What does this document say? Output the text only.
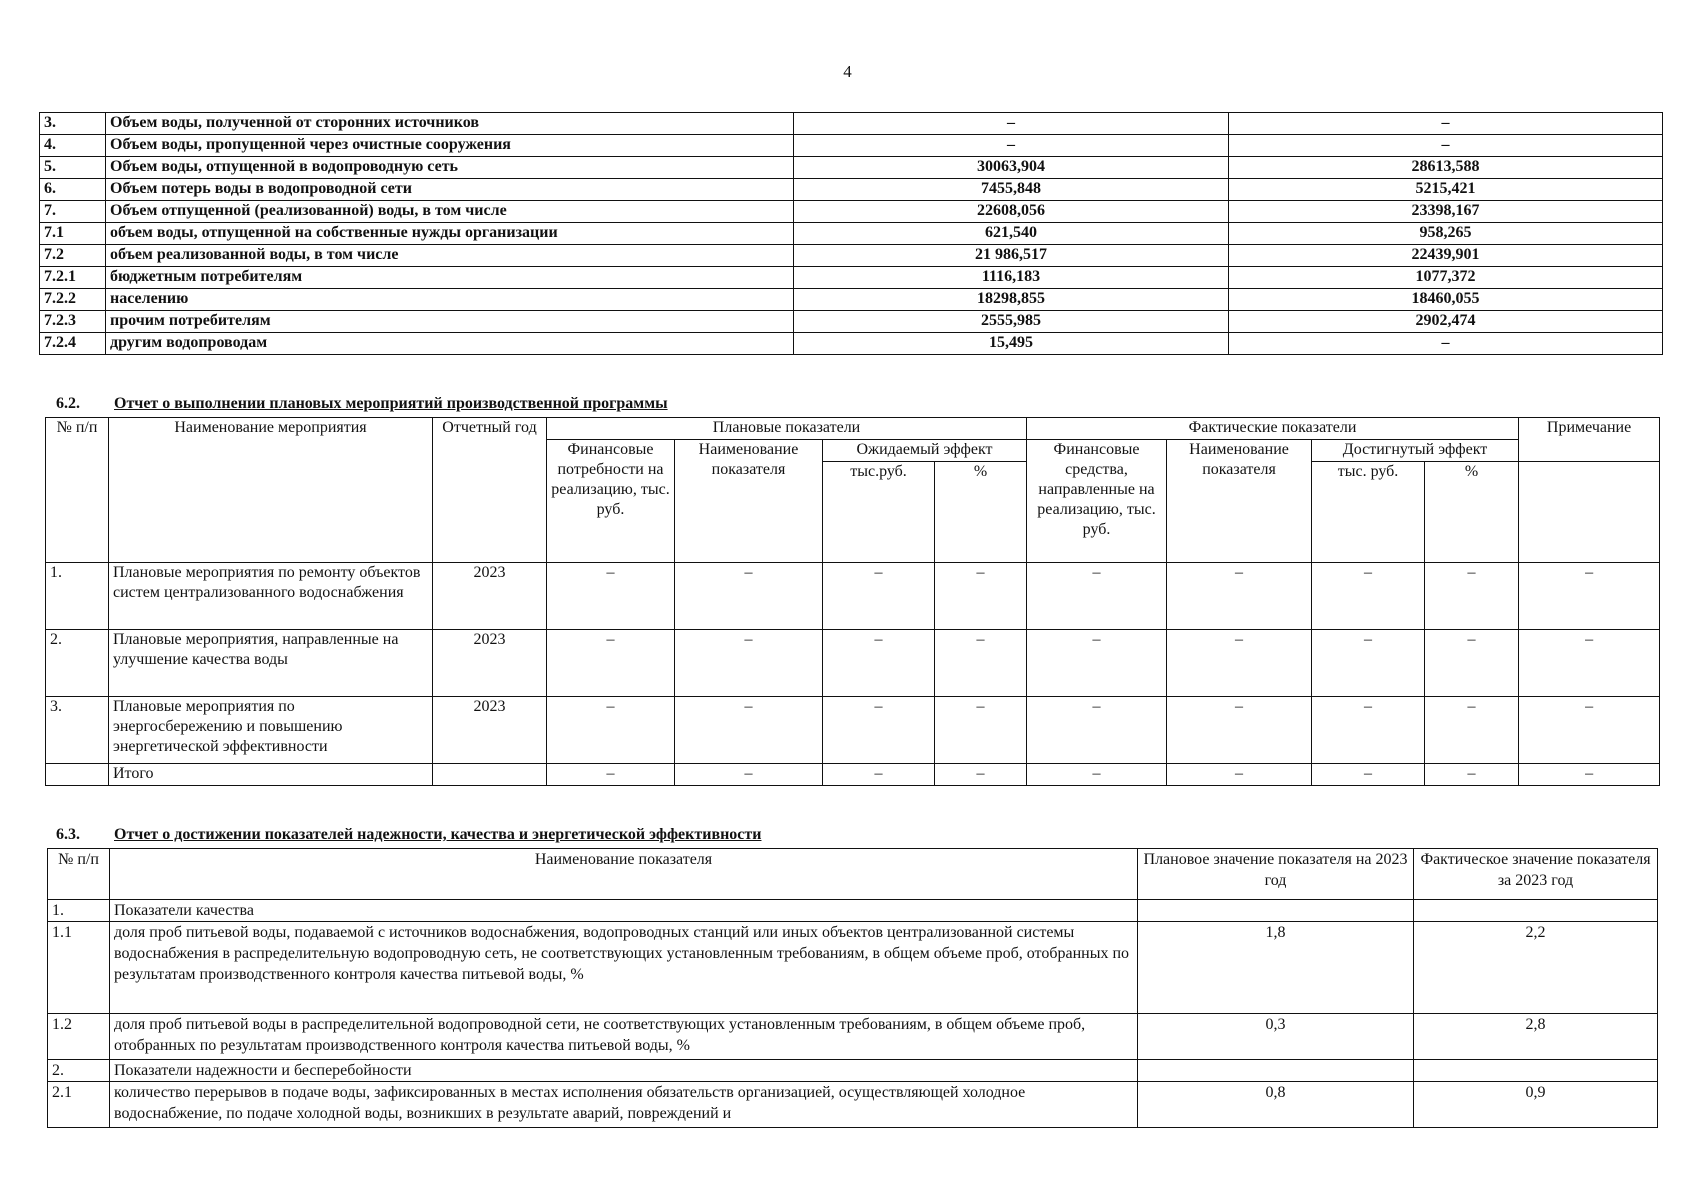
4
3.	Объем воды, полученной от сторонних источников	–	–
4.	Объем воды, пропущенной через очистные сооружения	–	–
5.	Объем воды, отпущенной в водопроводную сеть	30063,904	28613,588
6.	Объем потерь воды в водопроводной сети	7455,848	5215,421
7.	Объем отпущенной (реализованной) воды, в том числе	22608,056	23398,167
7.1	объем воды, отпущенной на собственные нужды организации	621,540	958,265
7.2	объем реализованной воды, в том числе	21 986,517	22439,901
7.2.1	бюджетным потребителям	1116,183	1077,372
7.2.2	населению	18298,855	18460,055
7.2.3	прочим потребителям	2555,985	2902,474
7.2.4	другим водопроводам	15,495	–
6.2. Отчет о выполнении плановых мероприятий производственной программы
№ п/п	Наименование мероприятия	Отчетный год	Плановые показатели				Фактические показатели				Примечание
			Финансовые потребности на реализацию, тыс. руб.	Наименование показателя	Ожидаемый эффект		Финансовые средства, направленные на реализацию, тыс. руб.	Наименование показателя	Достигнутый эффект		
					тыс.руб.	%			тыс. руб.	%	
1.	Плановые мероприятия по ремонту объектов систем централизованного водоснабжения	2023	–	–	–	–	–	–	–	–	–
2.	Плановые мероприятия, направленные на улучшение качества воды	2023	–	–	–	–	–	–	–	–	–
3.	Плановые мероприятия по энергосбережению и повышению энергетической эффективности	2023	–	–	–	–	–	–	–	–	–
	Итого		–	–	–	–	–	–	–	–	–
6.3. Отчет о достижении показателей надежности, качества и энергетической эффективности
№ п/п	Наименование показателя	Плановое значение показателя на 2023 год	Фактическое значение показателя за 2023 год
1.	Показатели качества		
1.1	доля проб питьевой воды, подаваемой с источников водоснабжения, водопроводных станций или иных объектов централизованной системы водоснабжения в распределительную водопроводную сеть, не соответствующих установленным требованиям, в общем объеме проб, отобранных по результатам производственного контроля качества питьевой воды, %	1,8	2,2
1.2	доля проб питьевой воды в распределительной водопроводной сети, не соответствующих установленным требованиям, в общем объеме проб, отобранных по результатам производственного контроля качества питьевой воды, %	0,3	2,8
2.	Показатели надежности и бесперебойности		
2.1	количество перерывов в подаче воды, зафиксированных в местах исполнения обязательств организацией, осуществляющей холодное водоснабжение, по подаче холодной воды, возникших в результате аварий, повреждений и	0,8	0,9
